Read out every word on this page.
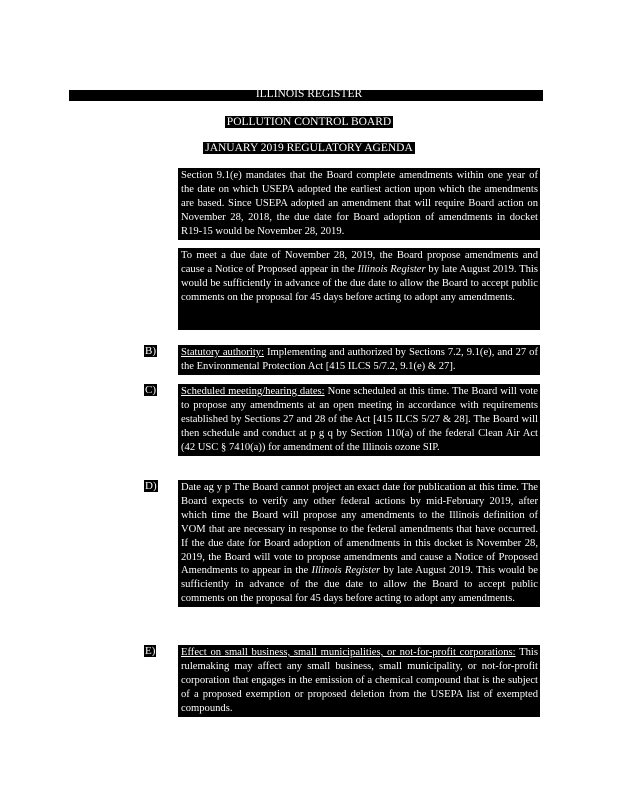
ILLINOIS REGISTER
POLLUTION CONTROL BOARD
JANUARY 2019 REGULATORY AGENDA

Section 9.1(e) mandates that the Board complete amendments within one year of the date on which USEPA adopted the earliest action upon which the amendments are based. Since USEPA adopted an amendment that will require Board action on November 28, 2018, the due date for Board adoption of amendments in docket R19-15 would be November 28, 2019.

To meet a due date of November 28, 2019, the Board propose amendments and cause a Notice of Proposed appear in the Illinois Register by late August 2019. This would be sufficiently in advance of the due date to allow the Board to accept public comments on the proposal for 45 days before acting to adopt any amendments.

B) Statutory authority: Implementing and authorized by Sections 7.2, 9.1(e), and 27 of the Environmental Protection Act [415 ILCS 5/7.2, 9.1(e) & 27].

C) Scheduled meeting/hearing dates: None scheduled at this time. The Board will vote to propose any amendments at an open meeting in accordance with requirements established by Sections 27 and 28 of the Act [415 ILCS 5/27 & 28]. The Board will then schedule and conduct at p g q by Section 110(a) of the federal Clean Air Act (42 USC § 7410(a)) for amendment of the Illinois ozone SIP.

D) Date ag y p The Board cannot project an exact date for publication at this time. The Board expects to verify any other federal actions by mid-February 2019, after which time the Board will propose any amendments to the Illinois definition of VOM that are necessary in response to the federal amendments that have occurred. If the due date for Board adoption of amendments in this docket is November 28, 2019, the Board will vote to propose amendments and cause a Notice of Proposed Amendments to appear in the Illinois Register by late August 2019. This would be sufficiently in advance of the due date to allow the Board to accept public comments on the proposal for 45 days before acting to adopt any amendments.

E) Effect on small business, small municipalities, or not-for-profit corporations: This rulemaking may affect any small business, small municipality, or not-for-profit corporation that engages in the emission of a chemical compound that is the subject of a proposed exemption or proposed deletion from the USEPA list of exempted compounds.
